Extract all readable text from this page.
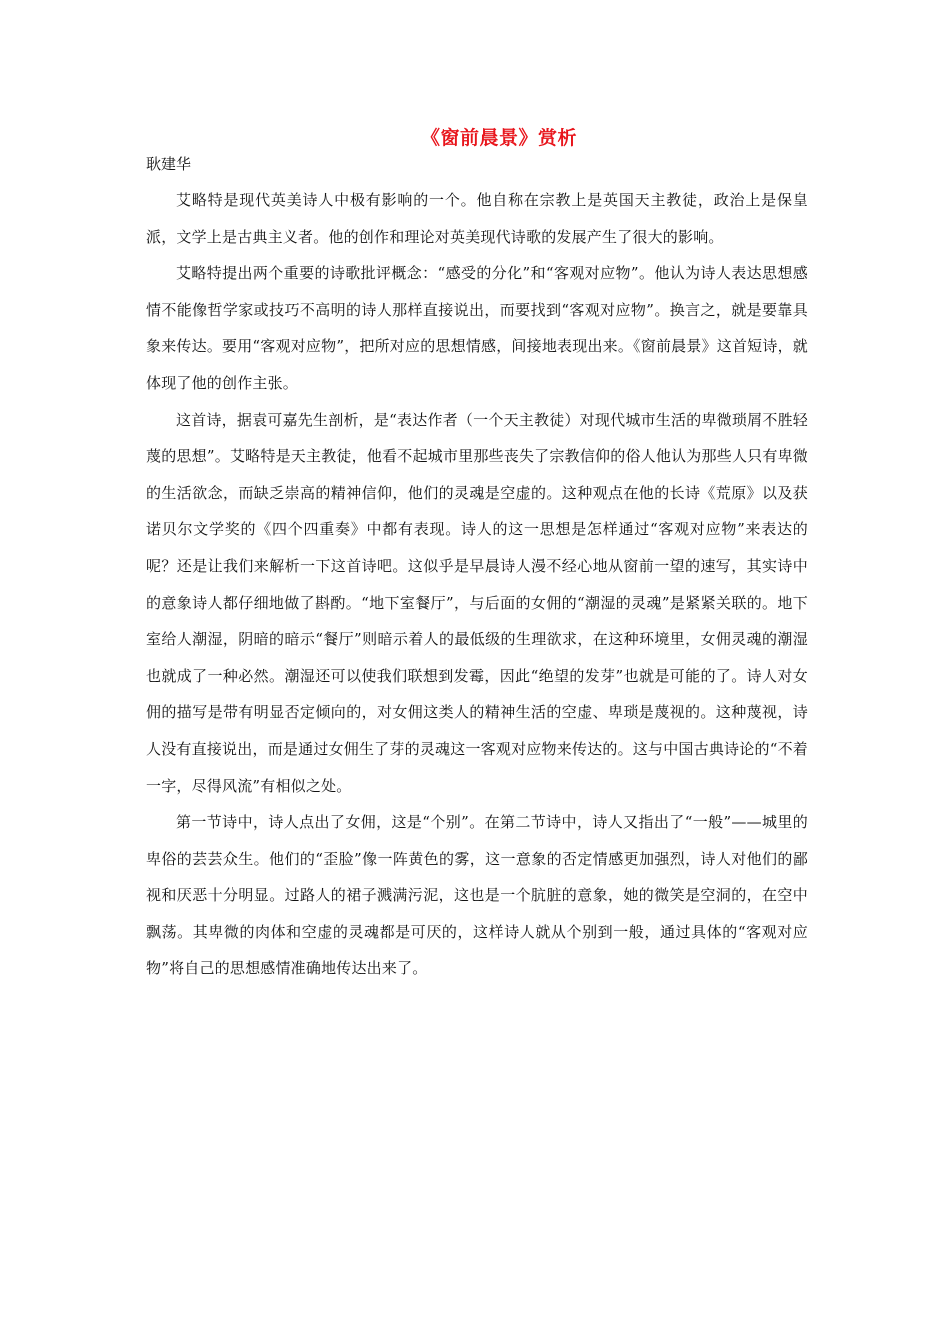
《窗前晨景》赏析

耿建华

艾略特是现代英美诗人中极有影响的一个。他自称在宗教上是英国天主教徒，政治上是保皇派，文学上是古典主义者。他的创作和理论对英美现代诗歌的发展产生了很大的影响。

艾略特提出两个重要的诗歌批评概念：“感受的分化”和“客观对应物”。他认为诗人表达思想感情不能像哲学家或技巧不高明的诗人那样直接说出，而要找到“客观对应物”。换言之，就是要靠具象来传达。要用“客观对应物”，把所对应的思想情感，间接地表现出来。《窗前晨景》这首短诗，就体现了他的创作主张。

这首诗，据袁可嘉先生剖析，是“表达作者（一个天主教徒）对现代城市生活的卑微琐屑不胜轻蔑的思想”。艾略特是天主教徒，他看不起城市里那些丧失了宗教信仰的俗人他认为那些人只有卑微的生活欲念，而缺乏崇高的精神信仰，他们的灵魂是空虚的。这种观点在他的长诗《荒原》以及获诺贝尔文学奖的《四个四重奏》中都有表现。诗人的这一思想是怎样通过“客观对应物”来表达的呢？还是让我们来解析一下这首诗吧。这似乎是早晨诗人漫不经心地从窗前一望的速写，其实诗中的意象诗人都仔细地做了斟酌。“地下室餐厅”，与后面的女佣的“潮湿的灵魂”是紧紧关联的。地下室给人潮湿，阴暗的暗示“餐厅”则暗示着人的最低级的生理欲求，在这种环境里，女佣灵魂的潮湿也就成了一种必然。潮湿还可以使我们联想到发霉，因此“绝望的发芽”也就是可能的了。诗人对女佣的描写是带有明显否定倾向的，对女佣这类人的精神生活的空虚、卑琐是蔑视的。这种蔑视，诗人没有直接说出，而是通过女佣生了芽的灵魂这一客观对应物来传达的。这与中国古典诗论的“不着一字，尽得风流”有相似之处。

第一节诗中，诗人点出了女佣，这是“个别”。在第二节诗中，诗人又指出了“一般”——城里的卑俗的芸芸众生。他们的“歪脸”像一阵黄色的雾，这一意象的否定情感更加强烈，诗人对他们的鄙视和厌恶十分明显。过路人的裙子溅满污泥，这也是一个肮脏的意象，她的微笑是空洞的，在空中飘荡。其卑微的肉体和空虚的灵魂都是可厌的，这样诗人就从个别到一般，通过具体的“客观对应物”将自己的思想感情准确地传达出来了。
